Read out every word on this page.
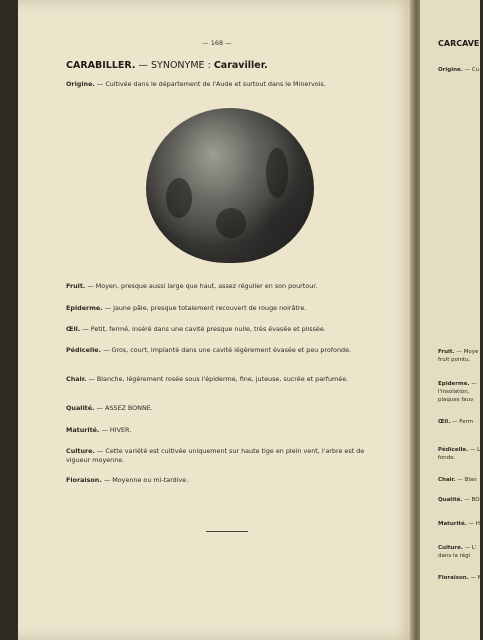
— 168 —
CARABILLER. — SYNONYME : Caraviller.
Origine. — Cultivée dans le département de l'Aude et surtout dans le Minervois.
Fruit. — Moyen, presque aussi large que haut, assez régulier en son pourtour.
Epiderme. — Jaune pâle, presque totalement recouvert de rouge noirâtre.
Œil. — Petit, fermé, inséré dans une cavité presque nulle, très évasée et plissée.
Pédicelle. — Gros, court, implanté dans une cavité légèrement évasée et peu profonde.
Chair. — Blanche, légèrement rosée sous l'épiderme, fine, juteuse, sucrée et parfumée.
Qualité. — ASSEZ BONNE.
Maturité. — HIVER.
Culture. — Cette variété est cultivée uniquement sur haute tige en plein vent, l'arbre est de vigueur moyenne.
Floraison. — Moyenne ou mi-tardive.
CARCAVE
Origine. — Cu
Fruit. — Moye
fruit pointu.
Epiderme. —
l'insolation,
plaques fauv
Œil. — Ferm
Pédicelle. — L
fonde.
Chair. — Blan
Qualité. — BO
Maturité. — H
Culture. — L'
dans la régi
Floraison. — M
